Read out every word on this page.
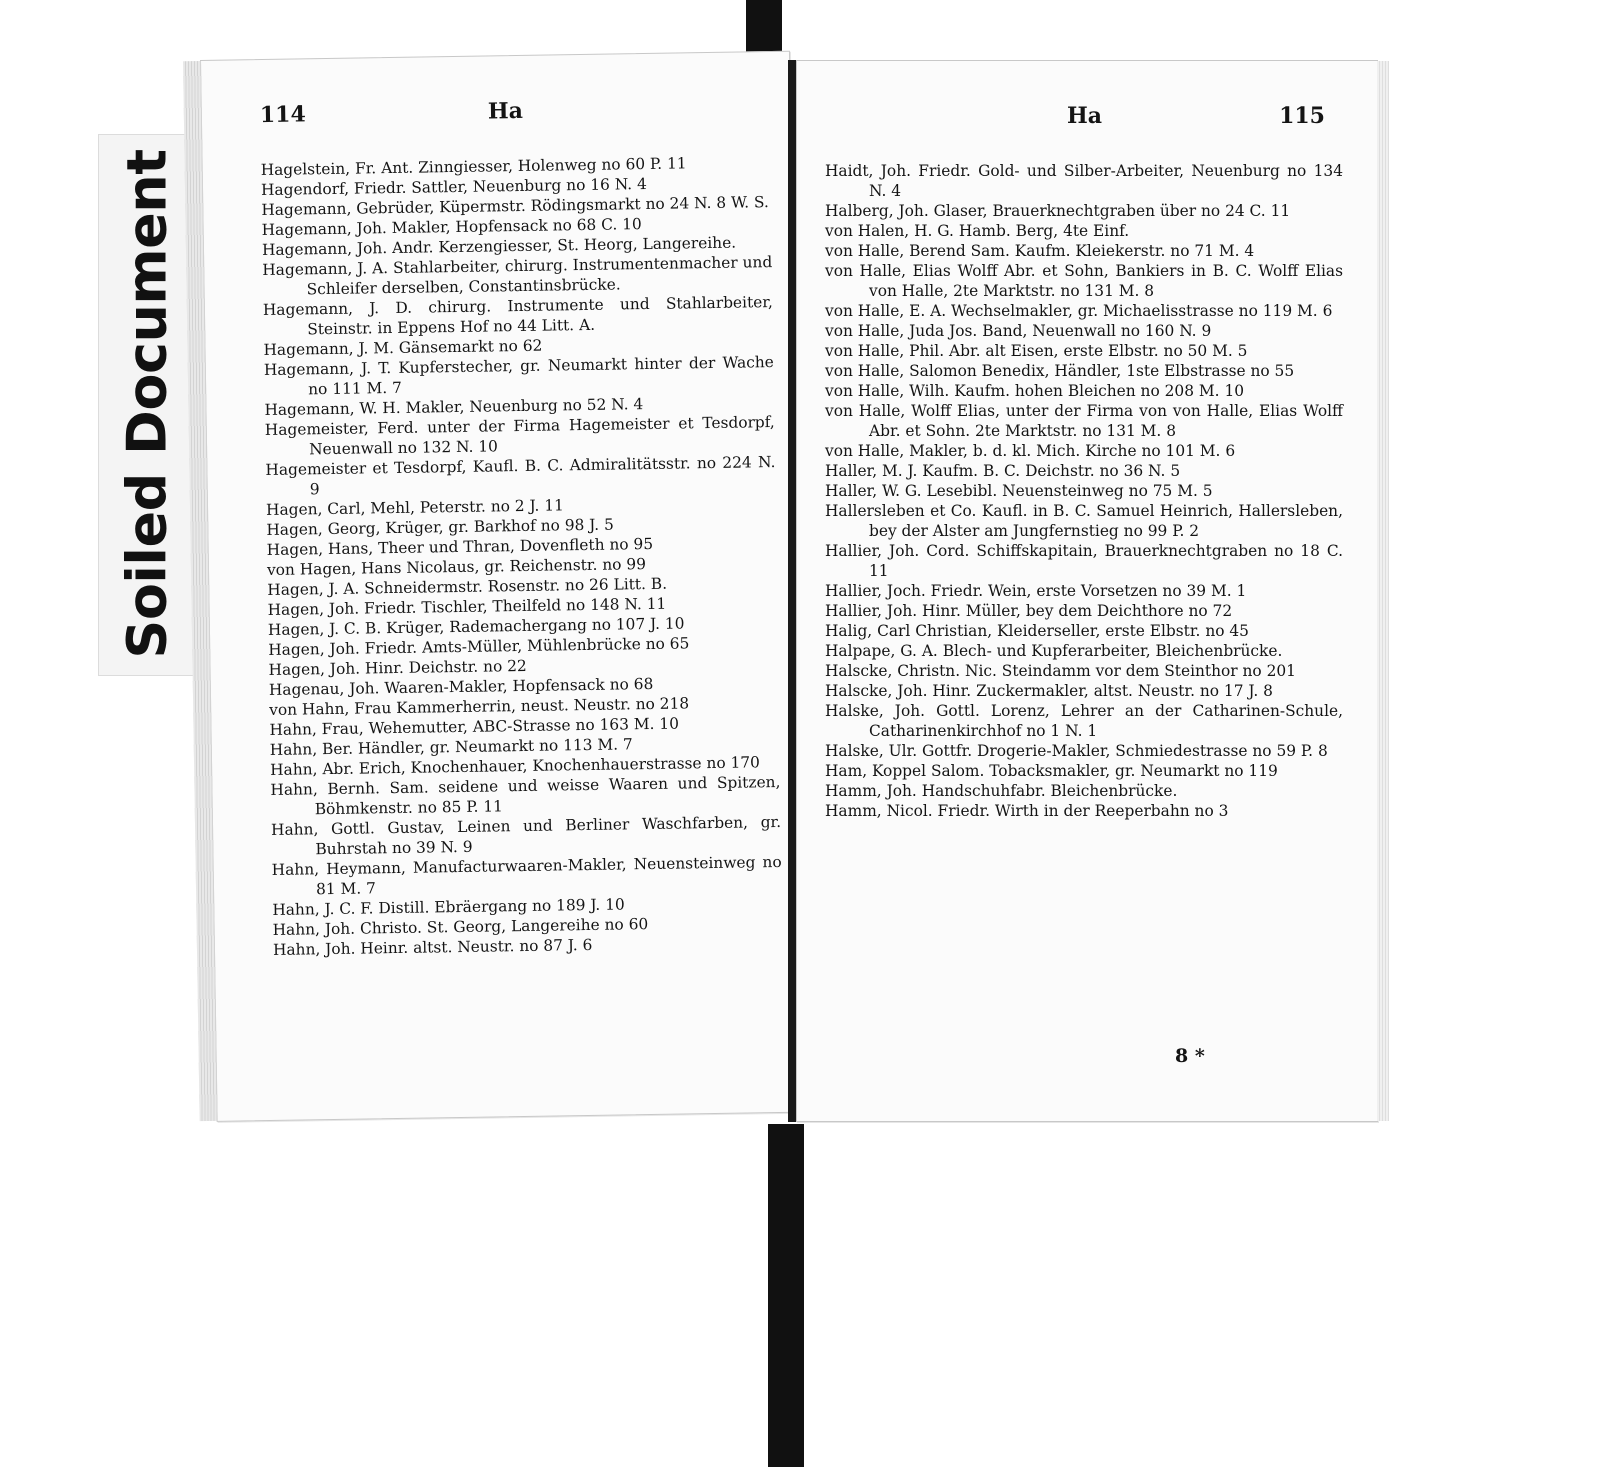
Soiled Document
114	Ha

Hagelstein, Fr. Ant. Zinngiesser, Holenweg no 60 P. 11

Hagendorf, Friedr. Sattler, Neuenburg no 16 N. 4

Hagemann, Gebrüder, Küpermstr. Rödingsmarkt no 24 N. 8 W. S.

Hagemann, Joh. Makler, Hopfensack no 68 C. 10

Hagemann, Joh. Andr. Kerzengiesser, St. Heorg, Langereihe.

Hagemann, J. A. Stahlarbeiter, chirurg. Instrumentenmacher und Schleifer derselben, Constantinsbrücke.

Hagemann, J. D. chirurg. Instrumente und Stahlarbeiter, Steinstr. in Eppens Hof no 44 Litt. A.

Hagemann, J. M. Gänsemarkt no 62

Hagemann, J. T. Kupferstecher, gr. Neumarkt hinter der Wache no 111 M. 7

Hagemann, W. H. Makler, Neuenburg no 52 N. 4

Hagemeister, Ferd. unter der Firma Hagemeister et Tesdorpf, Neuenwall no 132 N. 10

Hagemeister et Tesdorpf, Kaufl. B. C. Admiralitätsstr. no 224 N. 9

Hagen, Carl, Mehl, Peterstr. no 2 J. 11

Hagen, Georg, Krüger, gr. Barkhof no 98 J. 5

Hagen, Hans, Theer und Thran, Dovenfleth no 95

von Hagen, Hans Nicolaus, gr. Reichenstr. no 99

Hagen, J. A. Schneidermstr. Rosenstr. no 26 Litt. B.

Hagen, Joh. Friedr. Tischler, Theilfeld no 148 N. 11

Hagen, J. C. B. Krüger, Rademachergang no 107 J. 10

Hagen, Joh. Friedr. Amts-Müller, Mühlenbrücke no 65

Hagen, Joh. Hinr. Deichstr. no 22

Hagenau, Joh. Waaren-Makler, Hopfensack no 68

von Hahn, Frau Kammerherrin, neust. Neustr. no 218

Hahn, Frau, Wehemutter, ABC-Strasse no 163 M. 10

Hahn, Ber. Händler, gr. Neumarkt no 113 M. 7

Hahn, Abr. Erich, Knochenhauer, Knochenhauerstrasse no 170

Hahn, Bernh. Sam. seidene und weisse Waaren und Spitzen, Böhmkenstr. no 85 P. 11

Hahn, Gottl. Gustav, Leinen und Berliner Waschfarben, gr. Buhrstah no 39 N. 9

Hahn, Heymann, Manufacturwaaren-Makler, Neuensteinweg no 81 M. 7

Hahn, J. C. F. Distill. Ebräergang no 189 J. 10

Hahn, Joh. Christo. St. Georg, Langereihe no 60

Hahn, Joh. Heinr. altst. Neustr. no 87 J. 6

Ha	115

Haidt, Joh. Friedr. Gold- und Silber-Arbeiter, Neuenburg no 134 N. 4

Halberg, Joh. Glaser, Brauerknechtgraben über no 24 C. 11

von Halen, H. G. Hamb. Berg, 4te Einf.

von Halle, Berend Sam. Kaufm. Kleiekerstr. no 71 M. 4

von Halle, Elias Wolff Abr. et Sohn, Bankiers in B. C. Wolff Elias von Halle, 2te Marktstr. no 131 M. 8

von Halle, E. A. Wechselmakler, gr. Michaelisstrasse no 119 M. 6

von Halle, Juda Jos. Band, Neuenwall no 160 N. 9

von Halle, Phil. Abr. alt Eisen, erste Elbstr. no 50 M. 5

von Halle, Salomon Benedix, Händler, 1ste Elbstrasse no 55

von Halle, Wilh. Kaufm. hohen Bleichen no 208 M. 10

von Halle, Wolff Elias, unter der Firma von von Halle, Elias Wolff Abr. et Sohn. 2te Marktstr. no 131 M. 8

von Halle, Makler, b. d. kl. Mich. Kirche no 101 M. 6

Haller, M. J. Kaufm. B. C. Deichstr. no 36 N. 5

Haller, W. G. Lesebibl. Neuensteinweg no 75 M. 5

Hallersleben et Co. Kaufl. in B. C. Samuel Heinrich, Hallersleben, bey der Alster am Jungfernstieg no 99 P. 2

Hallier, Joh. Cord. Schiffskapitain, Brauerknechtgraben no 18 C. 11

Hallier, Joch. Friedr. Wein, erste Vorsetzen no 39 M. 1

Hallier, Joh. Hinr. Müller, bey dem Deichthore no 72

Halig, Carl Christian, Kleiderseller, erste Elbstr. no 45

Halpape, G. A. Blech- und Kupferarbeiter, Bleichenbrücke.

Halscke, Christn. Nic. Steindamm vor dem Steinthor no 201

Halscke, Joh. Hinr. Zuckermakler, altst. Neustr. no 17 J. 8

Halske, Joh. Gottl. Lorenz, Lehrer an der Catharinen-Schule, Catharinenkirchhof no 1 N. 1

Halske, Ulr. Gottfr. Drogerie-Makler, Schmiedestrasse no 59 P. 8

Ham, Koppel Salom. Tobacksmakler, gr. Neumarkt no 119

Hamm, Joh. Handschuhfabr. Bleichenbrücke.

Hamm, Nicol. Friedr. Wirth in der Reeperbahn no 3

8 *
